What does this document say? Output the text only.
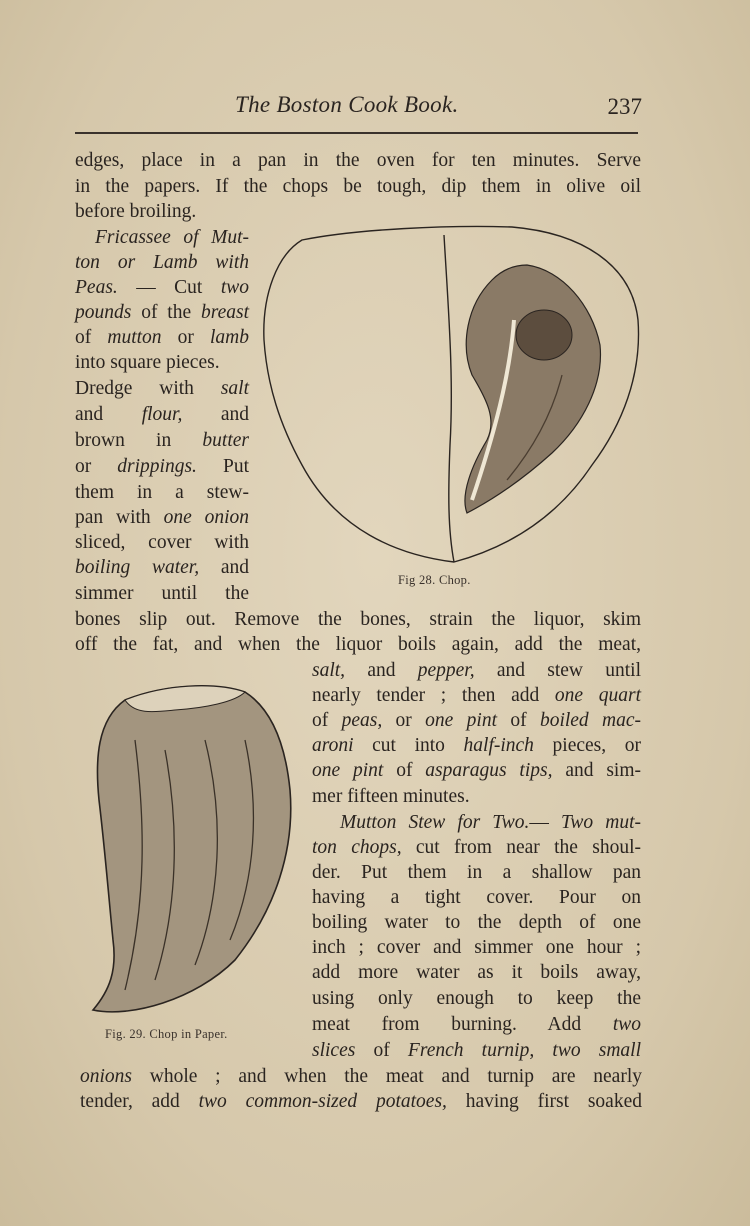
The Boston Cook Book.	237
edges, place in a pan in the oven for ten minutes. Serve
in the papers. If the chops be tough, dip them in olive oil
before broiling.
Fricassee of Mut-
ton or Lamb with
Peas. — Cut two
pounds of the breast
of mutton or lamb
into square pieces.
Dredge with salt
and flour, and
brown in butter
or drippings. Put
them in a stew-
pan with one onion
sliced, cover with
boiling water, and
simmer until the
Fig 28. Chop.
bones slip out. Remove the bones, strain the liquor, skim
off the fat, and when the liquor boils again, add the meat,
Fig. 29. Chop in Paper.
salt, and pepper, and stew until
nearly tender ; then add one quart
of peas, or one pint of boiled mac-
aroni cut into half-inch pieces, or
one pint of asparagus tips, and sim-
mer fifteen minutes.
Mutton Stew for Two.— Two mut-
ton chops, cut from near the shoul-
der. Put them in a shallow pan
having a tight cover. Pour on
boiling water to the depth of one
inch ; cover and simmer one hour ;
add more water as it boils away,
using only enough to keep the
meat from burning. Add two
slices of French turnip, two small
onions whole ; and when the meat and turnip are nearly
tender, add two common-sized potatoes, having first soaked
